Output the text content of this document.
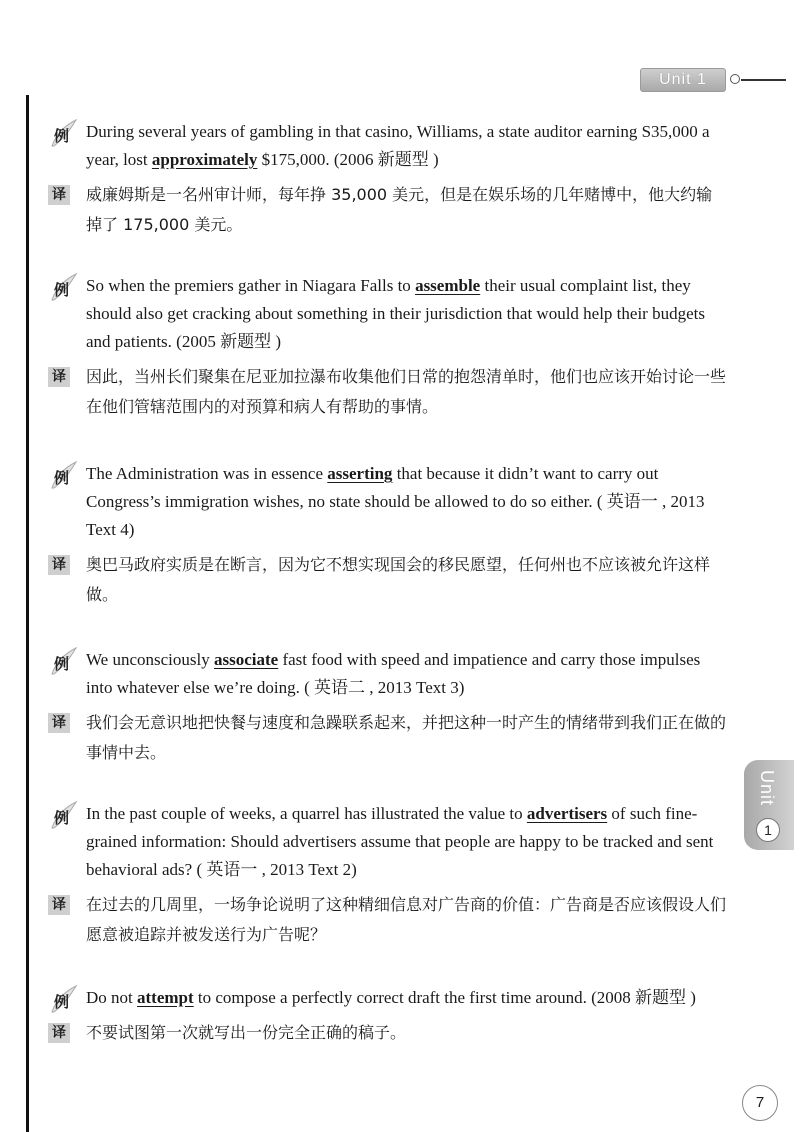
Unit 1
Unit
1
7
例 During several years of gambling in that casino, Williams, a state auditor earning S35,000 a year, lost approximately $175,000. (2006 新题型 )
译 威廉姆斯是一名州审计师，每年挣 35,000 美元，但是在娱乐场的几年赌博中，他大约输掉了 175,000 美元。
例 So when the premiers gather in Niagara Falls to assemble their usual complaint list, they should also get cracking about something in their jurisdiction that would help their budgets and patients. (2005 新题型 )
译 因此，当州长们聚集在尼亚加拉瀑布收集他们日常的抱怨清单时，他们也应该开始讨论一些在他们管辖范围内的对预算和病人有帮助的事情。
例 The Administration was in essence asserting that because it didn’t want to carry out Congress’s immigration wishes, no state should be allowed to do so either. ( 英语一 , 2013 Text 4)
译 奥巴马政府实质是在断言，因为它不想实现国会的移民愿望，任何州也不应该被允许这样做。
例 We unconsciously associate fast food with speed and impatience and carry those impulses into whatever else we’re doing. ( 英语二 , 2013 Text 3)
译 我们会无意识地把快餐与速度和急躁联系起来，并把这种一时产生的情绪带到我们正在做的事情中去。
例 In the past couple of weeks, a quarrel has illustrated the value to advertisers of such fine-grained information: Should advertisers assume that people are happy to be tracked and sent behavioral ads? ( 英语一 , 2013 Text 2)
译 在过去的几周里，一场争论说明了这种精细信息对广告商的价值：广告商是否应该假设人们愿意被追踪并被发送行为广告呢？
例 Do not attempt to compose a perfectly correct draft the first time around. (2008 新题型 )
译 不要试图第一次就写出一份完全正确的稿子。
